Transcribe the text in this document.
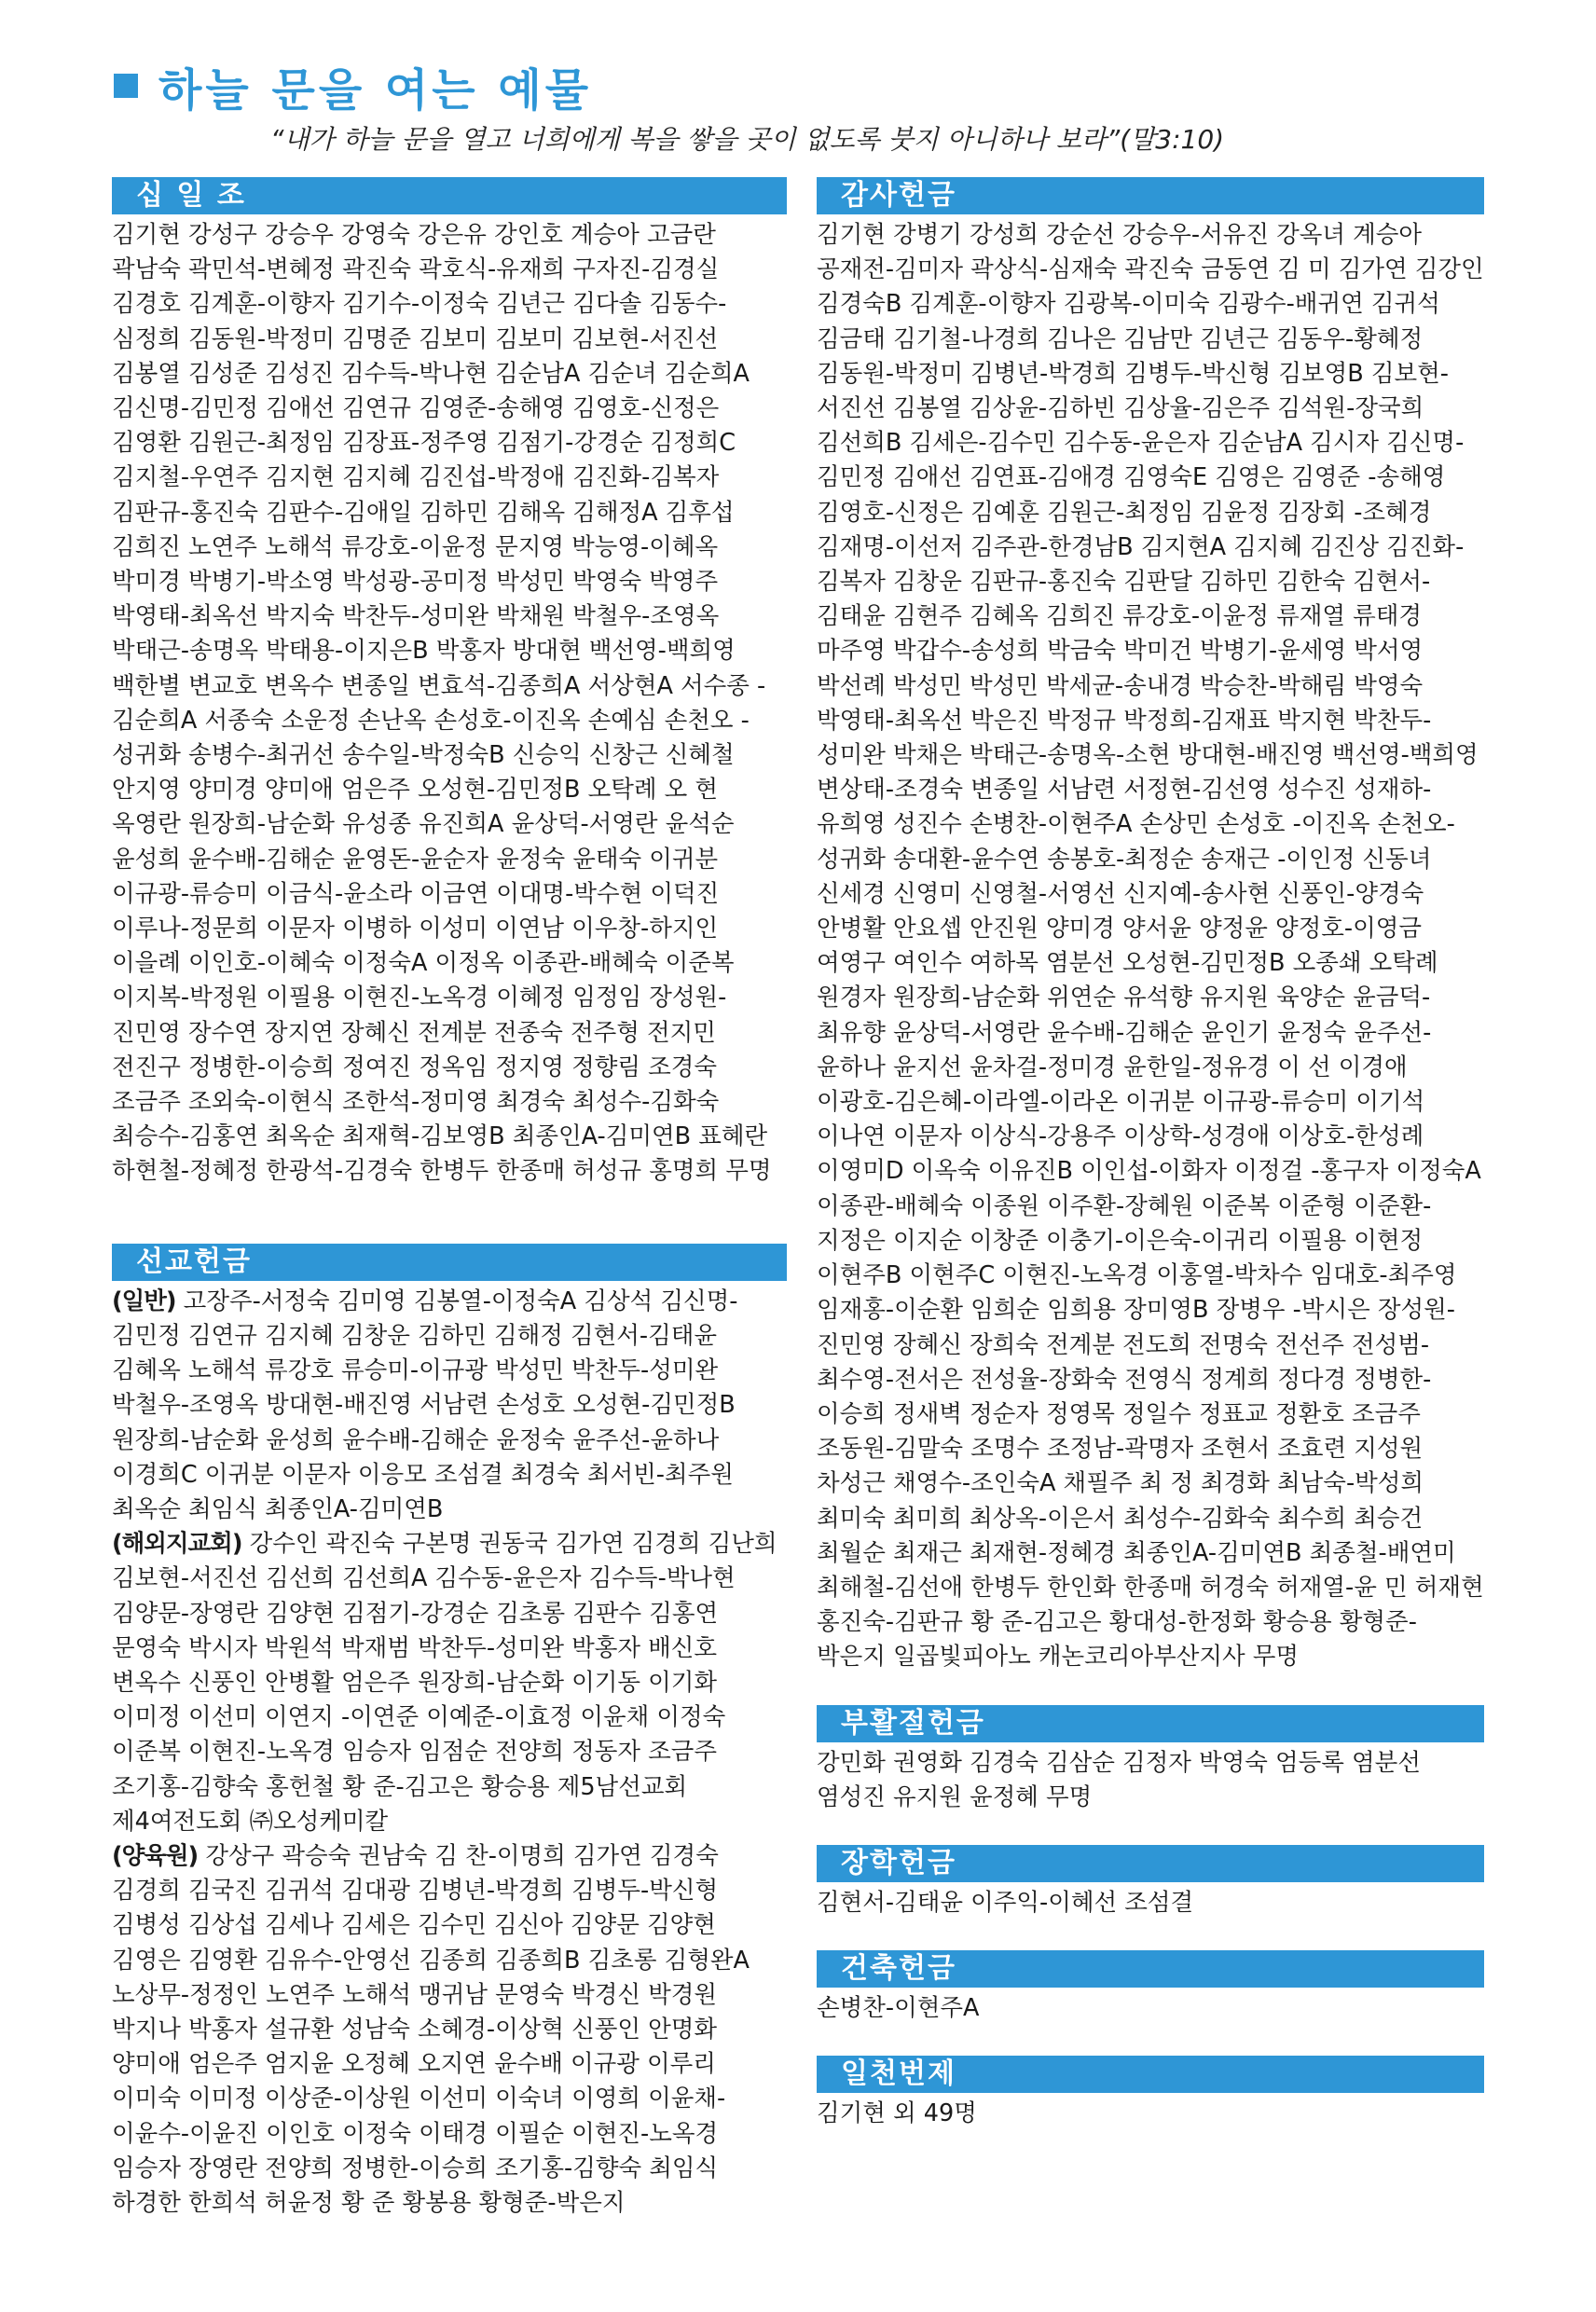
하늘 문을 여는 예물
“내가 하늘 문을 열고 너희에게 복을 쌓을 곳이 없도록 붓지 아니하나 보라”(말3:10)
십 일 조
김기현 강성구 강승우 강영숙 강은유 강인호 계승아 고금란 곽남숙 곽민석-변혜정 곽진숙 곽호식-유재희 구자진-김경실 김경호 김계훈-이향자 김기수-이정숙 김년근 김다솔 김동수-심정희 김동원-박정미 김명준 김보미 김보미 김보현-서진선 김봉열 김성준 김성진 김수득-박나현 김순남A 김순녀 김순희A 김신명-김민정 김애선 김연규 김영준-송해영 김영호-신정은 김영환 김원근-최정임 김장표-정주영 김점기-강경순 김정희C 김지철-우연주 김지현 김지혜 김진섭-박정애 김진화-김복자 김판규-홍진숙 김판수-김애일 김하민 김해옥 김해정A 김후섭 김희진 노연주 노해석 류강호-이윤정 문지영 박능영-이혜옥 박미경 박병기-박소영 박성광-공미정 박성민 박영숙 박영주 박영태-최옥선 박지숙 박찬두-성미완 박채원 박철우-조영옥 박태근-송명옥 박태용-이지은B 박홍자 방대현 백선영-백희영 백한별 변교호 변옥수 변종일 변효석-김종희A 서상현A 서수종 -김순희A 서종숙 소운정 손난옥 손성호-이진옥 손예심 손천오 -성귀화 송병수-최귀선 송수일-박정숙B 신승익 신창근 신혜철 안지영 양미경 양미애 엄은주 오성현-김민정B 오탁례 오 현 옥영란 원장희-남순화 유성종 유진희A 윤상덕-서영란 윤석순 윤성희 윤수배-김해순 윤영돈-윤순자 윤정숙 윤태숙 이귀분 이규광-류승미 이금식-윤소라 이금연 이대명-박수현 이덕진 이루나-정문희 이문자 이병하 이성미 이연남 이우창-하지인 이을례 이인호-이혜숙 이정숙A 이정옥 이종관-배혜숙 이준복 이지복-박정원 이필용 이현진-노옥경 이혜정 임정임 장성원-진민영 장수연 장지연 장혜신 전계분 전종숙 전주형 전지민 전진구 정병한-이승희 정여진 정옥임 정지영 정향림 조경숙 조금주 조외숙-이현식 조한석-정미영 최경숙 최성수-김화숙 최승수-김홍연 최옥순 최재혁-김보영B 최종인A-김미연B 표혜란 하현철-정혜정 한광석-김경숙 한병두 한종매 허성규 홍명희 무명
선교헌금
(일반) 고장주-서정숙 김미영 김봉열-이정숙A 김상석 김신명-김민정 김연규 김지혜 김창운 김하민 김해정 김현서-김태윤 김혜옥 노해석 류강호 류승미-이규광 박성민 박찬두-성미완 박철우-조영옥 방대현-배진영 서남련 손성호 오성현-김민정B 원장희-남순화 윤성희 윤수배-김해순 윤정숙 윤주선-윤하나 이경희C 이귀분 이문자 이응모 조섬결 최경숙 최서빈-최주원 최옥순 최임식 최종인A-김미연B
(해외지교회) 강수인 곽진숙 구본명 권동국 김가연 김경희 김난희 김보현-서진선 김선희 김선희A 김수동-윤은자 김수득-박나현 김양문-장영란 김양현 김점기-강경순 김초롱 김판수 김홍연 문영숙 박시자 박원석 박재범 박찬두-성미완 박홍자 배신호 변옥수 신풍인 안병활 엄은주 원장희-남순화 이기동 이기화 이미정 이선미 이연지 -이연준 이예준-이효정 이윤채 이정숙 이준복 이현진-노옥경 임승자 임점순 전양희 정동자 조금주 조기홍-김향숙 홍헌철 황 준-김고은 황승용 제5남선교회 제4여전도회 ㈜오성케미칼
(양육원) 강상구 곽승숙 권남숙 김 찬-이명희 김가연 김경숙 김경희 김국진 김귀석 김대광 김병년-박경희 김병두-박신형 김병성 김상섭 김세나 김세은 김수민 김신아 김양문 김양현 김영은 김영환 김유수-안영선 김종희 김종희B 김초롱 김형완A 노상무-정정인 노연주 노해석 맹귀남 문영숙 박경신 박경원 박지나 박홍자 설규환 성남숙 소혜경-이상혁 신풍인 안명화 양미애 엄은주 엄지윤 오정혜 오지연 윤수배 이규광 이루리 이미숙 이미정 이상준-이상원 이선미 이숙녀 이영희 이윤채-이윤수-이윤진 이인호 이정숙 이태경 이필순 이현진-노옥경 임승자 장영란 전양희 정병한-이승희 조기홍-김향숙 최임식 하경한 한희석 허윤정 황 준 황봉용 황형준-박은지
감사헌금
김기현 강병기 강성희 강순선 강승우-서유진 강옥녀 계승아 공재전-김미자 곽상식-심재숙 곽진숙 금동연 김 미 김가연 김강인 김경숙B 김계훈-이향자 김광복-이미숙 김광수-배귀연 김귀석 김금태 김기철-나경희 김나은 김남만 김년근 김동우-황혜정 김동원-박정미 김병년-박경희 김병두-박신형 김보영B 김보현-서진선 김봉열 김상윤-김하빈 김상율-김은주 김석원-장국희 김선희B 김세은-김수민 김수동-윤은자 김순남A 김시자 김신명-김민정 김애선 김연표-김애경 김영숙E 김영은 김영준 -송해영 김영호-신정은 김예훈 김원근-최정임 김윤정 김장회 -조혜경 김재명-이선저 김주관-한경남B 김지현A 김지혜 김진상 김진화-김복자 김창운 김판규-홍진숙 김판달 김하민 김한숙 김현서-김태윤 김현주 김혜옥 김희진 류강호-이윤정 류재열 류태경 마주영 박갑수-송성희 박금숙 박미건 박병기-윤세영 박서영 박선례 박성민 박성민 박세균-송내경 박승찬-박해림 박영숙 박영태-최옥선 박은진 박정규 박정희-김재표 박지현 박찬두-성미완 박채은 박태근-송명옥-소현 방대현-배진영 백선영-백희영 변상태-조경숙 변종일 서남련 서정현-김선영 성수진 성재하-유희영 성진수 손병찬-이현주A 손상민 손성호 -이진옥 손천오-성귀화 송대환-윤수연 송봉호-최정순 송재근 -이인정 신동녀 신세경 신영미 신영철-서영선 신지예-송사현 신풍인-양경숙 안병활 안요셉 안진원 양미경 양서윤 양정윤 양정호-이영금 여영구 여인수 여하목 염분선 오성현-김민정B 오종쇄 오탁례 원경자 원장희-남순화 위연순 유석향 유지원 육양순 윤금덕-최유향 윤상덕-서영란 윤수배-김해순 윤인기 윤정숙 윤주선-윤하나 윤지선 윤차걸-정미경 윤한일-정유경 이 선 이경애 이광호-김은혜-이라엘-이라온 이귀분 이규광-류승미 이기석 이나연 이문자 이상식-강용주 이상학-성경애 이상호-한성례 이영미D 이옥숙 이유진B 이인섭-이화자 이정걸 -홍구자 이정숙A 이종관-배혜숙 이종원 이주환-장혜원 이준복 이준형 이준환-지정은 이지순 이창준 이충기-이은숙-이귀리 이필용 이현정 이현주B 이현주C 이현진-노옥경 이홍열-박차수 임대호-최주영 임재홍-이순환 임희순 임희용 장미영B 장병우 -박시은 장성원-진민영 장혜신 장희숙 전계분 전도희 전명숙 전선주 전성범-최수영-전서은 전성율-장화숙 전영식 정계희 정다경 정병한-이승희 정새벽 정순자 정영목 정일수 정표교 정환호 조금주 조동원-김말숙 조명수 조정남-곽명자 조현서 조효련 지성원 차성근 채영수-조인숙A 채필주 최 정 최경화 최남숙-박성희 최미숙 최미희 최상옥-이은서 최성수-김화숙 최수희 최승건 최월순 최재근 최재현-정혜경 최종인A-김미연B 최종철-배연미 최해철-김선애 한병두 한인화 한종매 허경숙 허재열-윤 민 허재현 홍진숙-김판규 황 준-김고은 황대성-한정화 황승용 황형준-박은지 일곱빛피아노 캐논코리아부산지사 무명
부활절헌금
강민화 권영화 김경숙 김삼순 김정자 박영숙 엄등록 염분선 염성진 유지원 윤정혜 무명
장학헌금
김현서-김태윤 이주익-이혜선 조섬결
건축헌금
손병찬-이현주A
일천번제
김기현 외 49명
